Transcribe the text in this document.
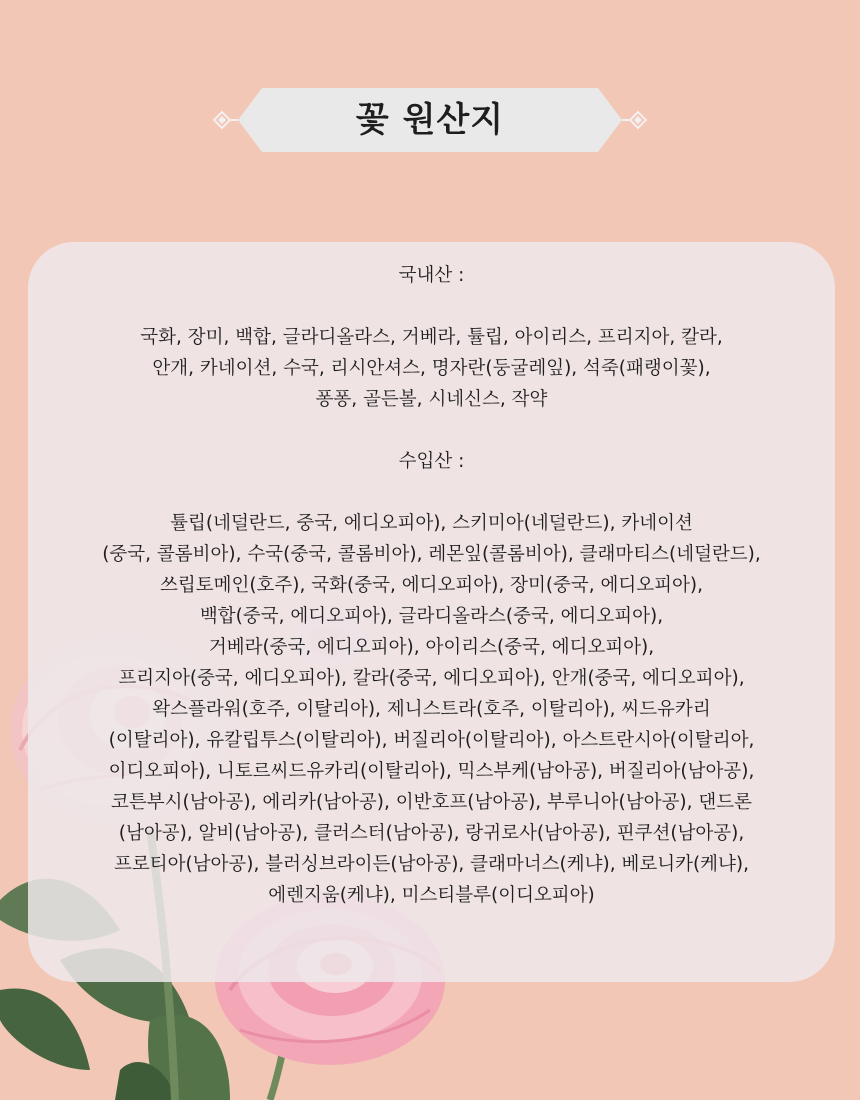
꽃 원산지
국내산 :
국화, 장미, 백합, 글라디올라스, 거베라, 튤립, 아이리스, 프리지아, 칼라,
안개, 카네이션, 수국, 리시안셔스, 명자란(둥굴레잎), 석죽(패랭이꽃),
퐁퐁, 골든볼, 시네신스, 작약
수입산 :
튤립(네덜란드, 중국, 에디오피아), 스키미아(네덜란드), 카네이션
(중국, 콜롬비아), 수국(중국, 콜롬비아), 레몬잎(콜롬비아), 클래마티스(네덜란드),
쓰립토메인(호주), 국화(중국, 에디오피아), 장미(중국, 에디오피아),
백합(중국, 에디오피아), 글라디올라스(중국, 에디오피아),
거베라(중국, 에디오피아), 아이리스(중국, 에디오피아),
프리지아(중국, 에디오피아), 칼라(중국, 에디오피아), 안개(중국, 에디오피아),
왁스플라워(호주, 이탈리아), 제니스트라(호주, 이탈리아), 씨드유카리
(이탈리아), 유칼립투스(이탈리아), 버질리아(이탈리아), 아스트란시아(이탈리아,
이디오피아), 니토르씨드유카리(이탈리아), 믹스부케(남아공), 버질리아(남아공),
코튼부시(남아공), 에리카(남아공), 이반호프(남아공), 부루니아(남아공), 댄드론
(남아공), 알비(남아공), 클러스터(남아공), 랑귀로사(남아공), 핀쿠션(남아공),
프로티아(남아공), 블러싱브라이든(남아공), 클래마너스(케냐), 베로니카(케냐),
에렌지움(케냐), 미스티블루(이디오피아)
